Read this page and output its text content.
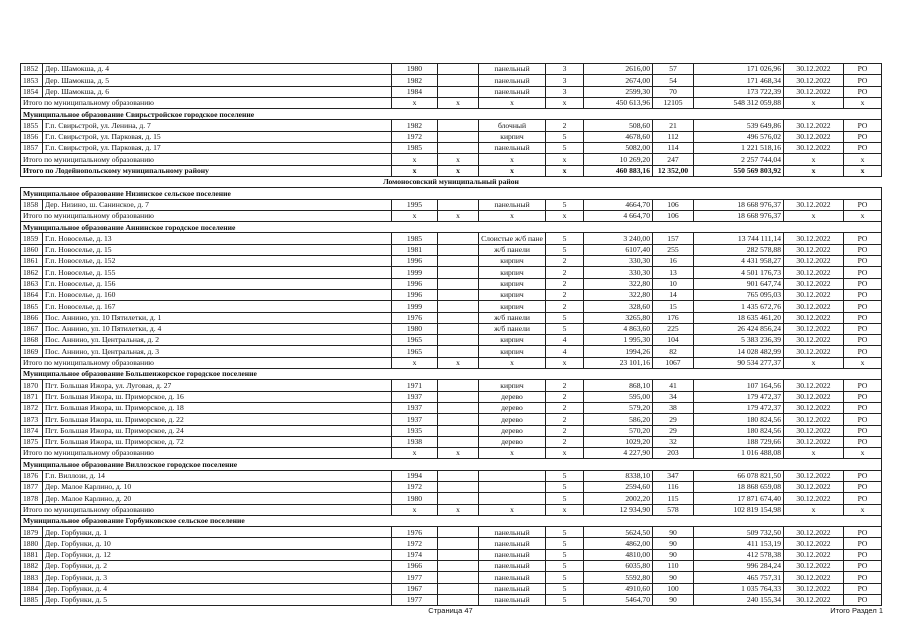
1852	Дер. Шамокша, д. 4	1980		панельный	3	2616,00	57	171 026,96	30.12.2022	РО
1853	Дер. Шамокша, д. 5	1982		панельный	3	2674,00	54	171 468,34	30.12.2022	РО
1854	Дер. Шамокша, д. 6	1984		панельный	3	2599,30	70	173 722,39	30.12.2022	РО
Итого по муниципальному образованию		х	х	х	х	450 613,96	12105	548 312 059,88	х	х
Муниципальное образование Свирьстройское городское поселение										
1855	Г.п. Свирьстрой, ул. Ленина, д. 7	1982		блочный	2	508,60	21	539 649,86	30.12.2022	РО
1856	Г.п. Свирьстрой, ул. Парковая, д. 15	1972		кирпич	5	4678,60	112	496 576,02	30.12.2022	РО
1857	Г.п. Свирьстрой, ул. Парковая, д. 17	1985		панельный	5	5082,00	114	1 221 518,16	30.12.2022	РО
Итого по муниципальному образованию		х	х	х	х	10 269,20	247	2 257 744,04	х	х
Итого по Лодейнопольскому муниципальному району		х	х	х	х	460 883,16	12 352,00	550 569 803,92	х	х
Ломоносовский муниципальный район										
Муниципальное образование Низинское сельское поселение										
1858	Дер. Низино, ш. Санинское, д. 7	1995		панельный	5	4664,70	106	18 668 976,37	30.12.2022	РО
Итого по муниципальному образованию		х	х	х	х	4 664,70	106	18 668 976,37	х	х
Муниципальное образование Аннинское городское поселение										
1859	Г.п. Новоселье, д. 13	1985		Слоистые ж/б пане	5	3 240,00	157	13 744 111,14	30.12.2022	РО
1860	Г.п. Новоселье, д. 15	1981		ж/б панели	5	6107,40	255	282 578,88	30.12.2022	РО
1861	Г.п. Новоселье, д. 152	1996		кирпич	2	330,30	16	4 431 958,27	30.12.2022	РО
1862	Г.п. Новоселье, д. 155	1999		кирпич	2	330,30	13	4 501 176,73	30.12.2022	РО
1863	Г.п. Новоселье, д. 156	1996		кирпич	2	322,80	10	901 647,74	30.12.2022	РО
1864	Г.п. Новоселье, д. 160	1996		кирпич	2	322,80	14	765 095,03	30.12.2022	РО
1865	Г.п. Новоселье, д. 167	1999		кирпич	2	328,60	15	1 435 672,76	30.12.2022	РО
1866	Пос. Аннино, ул. 10 Пятилетки, д. 1	1976		ж/б панели	5	3265,80	176	18 635 461,20	30.12.2022	РО
1867	Пос. Аннино, ул. 10 Пятилетки, д. 4	1980		ж/б панели	5	4 863,60	225	26 424 856,24	30.12.2022	РО
1868	Пос. Аннино, ул. Центральная, д. 2	1965		кирпич	4	1 995,30	104	5 383 236,39	30.12.2022	РО
1869	Пос. Аннино, ул. Центральная, д. 3	1965		кирпич	4	1994,26	82	14 028 482,99	30.12.2022	РО
Итого по муниципальному образованию		х	х	х	х	23 101,16	1067	90 534 277,37	х	х
Муниципальное образование Большеижорское городское поселение										
1870	Пгт. Большая Ижора, ул. Луговая, д. 27	1971		кирпич	2	868,10	41	107 164,56	30.12.2022	РО
1871	Пгт. Большая Ижора, ш. Приморское, д. 16	1937		дерево	2	595,00	34	179 472,37	30.12.2022	РО
1872	Пгт. Большая Ижора, ш. Приморское, д. 18	1937		дерево	2	579,20	38	179 472,37	30.12.2022	РО
1873	Пгт. Большая Ижора, ш. Приморское, д. 22	1937		дерево	2	586,20	29	180 824,56	30.12.2022	РО
1874	Пгт. Большая Ижора, ш. Приморское, д. 24	1935		дерево	2	570,20	29	180 824,56	30.12.2022	РО
1875	Пгт. Большая Ижора, ш. Приморское, д. 72	1938		дерево	2	1029,20	32	188 729,66	30.12.2022	РО
Итого по муниципальному образованию		х	х	х	х	4 227,90	203	1 016 488,08	х	х
Муниципальное образование Виллозское городское поселение										
1876	Г.п. Виллози, д. 14	1994			5	8338,10	347	66 078 821,50	30.12.2022	РО
1877	Дер. Малое Карлино, д. 10	1972			5	2594,60	116	18 868 659,08	30.12.2022	РО
1878	Дер. Малое Карлино, д. 20	1980			5	2002,20	115	17 871 674,40	30.12.2022	РО
Итого по муниципальному образованию		х	х	х	х	12 934,90	578	102 819 154,98	х	х
Муниципальное образование Горбунковское сельское поселение										
1879	Дер. Горбунки, д. 1	1976		панельный	5	5624,50	90	509 732,50	30.12.2022	РО
1880	Дер. Горбунки, д. 10	1972		панельный	5	4862,00	90	411 153,19	30.12.2022	РО
1881	Дер. Горбунки, д. 12	1974		панельный	5	4810,00	90	412 578,38	30.12.2022	РО
1882	Дер. Горбунки, д. 2	1966		панельный	5	6035,80	110	996 284,24	30.12.2022	РО
1883	Дер. Горбунки, д. 3	1977		панельный	5	5592,80	90	465 757,31	30.12.2022	РО
1884	Дер. Горбунки, д. 4	1967		панельный	5	4910,60	100	1 035 764,33	30.12.2022	РО
1885	Дер. Горбунки, д. 5	1977		панельный	5	5464,70	90	240 155,34	30.12.2022	РО
Страница 47	Итого Раздел 1
